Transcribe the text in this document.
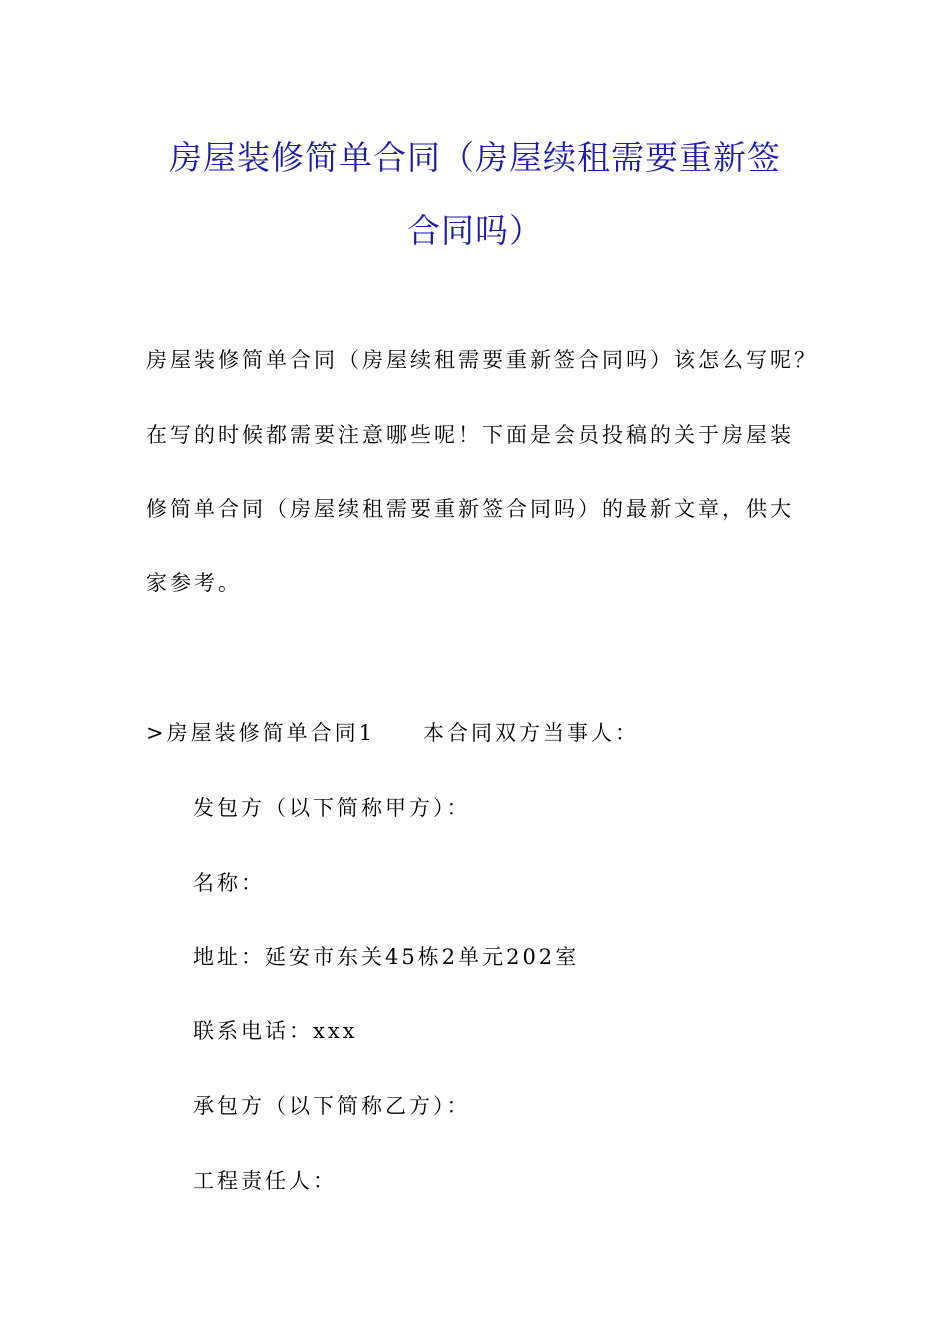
房屋装修简单合同（房屋续租需要重新签
合同吗）
房屋装修简单合同（房屋续租需要重新签合同吗）该怎么写呢？
在写的时候都需要注意哪些呢！下面是会员投稿的关于房屋装
修简单合同（房屋续租需要重新签合同吗）的最新文章，供大
家参考。
>房屋装修简单合同1　　本合同双方当事人：
发包方（以下简称甲方）：
名称：
地址：延安市东关45栋2单元202室
联系电话：xxx
承包方（以下简称乙方）：
工程责任人：
